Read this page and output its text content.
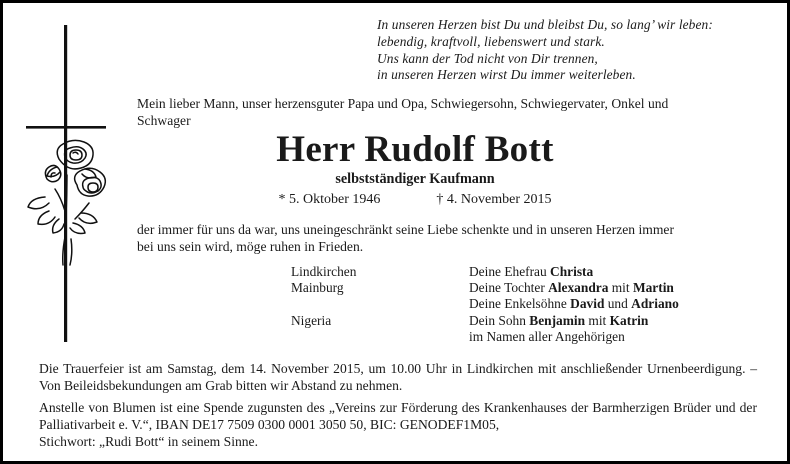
In unseren Herzen bist Du und bleibst Du, so lang’ wir leben:
lebendig, kraftvoll, liebenswert und stark.
Uns kann der Tod nicht von Dir trennen,
in unseren Herzen wirst Du immer weiterleben.
Mein lieber Mann, unser herzensguter Papa und Opa, Schwiegersohn, Schwiegervater, Onkel und Schwager
Herr Rudolf Bott
selbstständiger Kaufmann
* 5. Oktober 1946	† 4. November 2015
der immer für uns da war, uns uneingeschränkt seine Liebe schenkte und in unseren Herzen immer bei uns sein wird, möge ruhen in Frieden.
Lindkirchen	Deine Ehefrau Christa
Mainburg	Deine Tochter Alexandra mit Martin
	Deine Enkelsöhne David und Adriano
Nigeria	Dein Sohn Benjamin mit Katrin
	im Namen aller Angehörigen
Die Trauerfeier ist am Samstag, dem 14. November 2015, um 10.00 Uhr in Lindkirchen mit anschließender Urnenbeerdigung. – Von Beileidsbekundungen am Grab bitten wir Abstand zu nehmen.
Anstelle von Blumen ist eine Spende zugunsten des „Vereins zur Förderung des Krankenhauses der Barmherzigen Brüder und der Palliativarbeit e. V.“, IBAN DE17 7509 0300 0001 3050 50, BIC: GENODEF1M05,
Stichwort: „Rudi Bott“ in seinem Sinne.
